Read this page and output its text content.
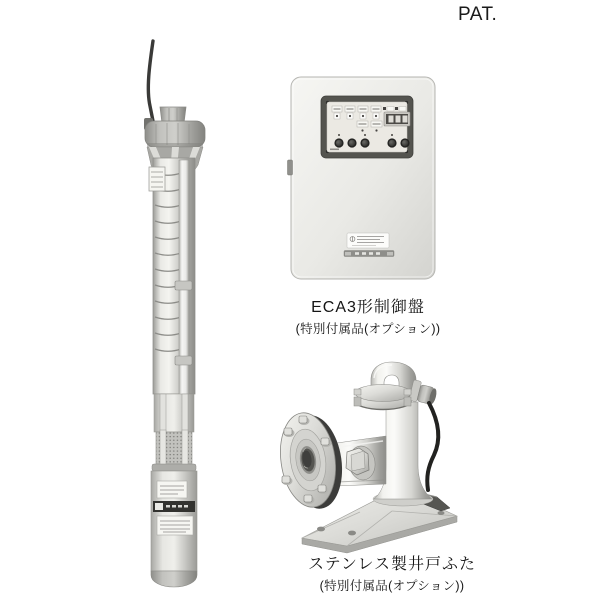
PAT.
ECA3形制御盤
(特別付属品(オプション))
ステンレス製井戸ふた
(特別付属品(オプション))
